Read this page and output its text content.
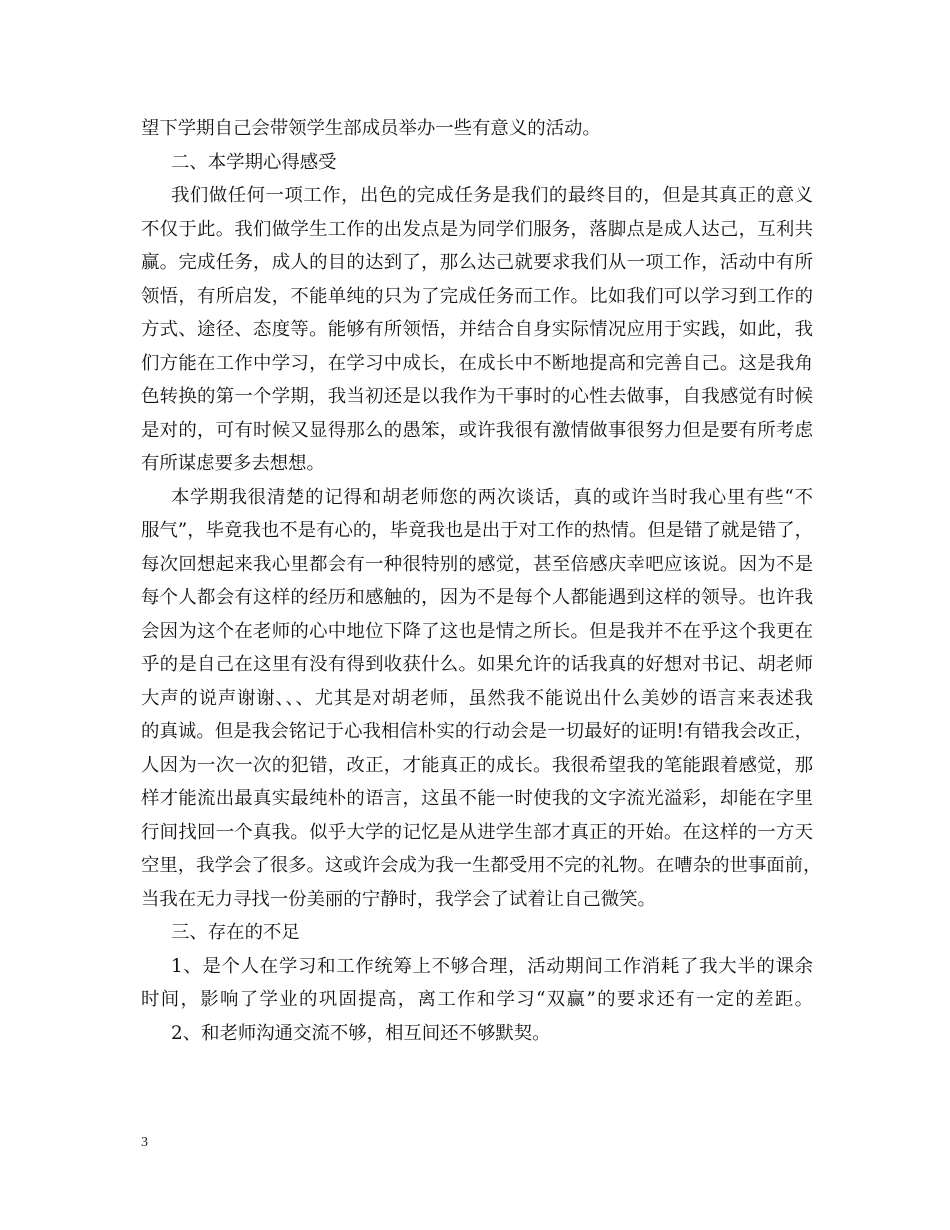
望下学期自己会带领学生部成员举办一些有意义的活动。
二、本学期心得感受
我们做任何一项工作，出色的完成任务是我们的最终目的，但是其真正的意义
不仅于此。我们做学生工作的出发点是为同学们服务，落脚点是成人达己，互利共
赢。完成任务，成人的目的达到了，那么达己就要求我们从一项工作，活动中有所
领悟，有所启发，不能单纯的只为了完成任务而工作。比如我们可以学习到工作的
方式、途径、态度等。能够有所领悟，并结合自身实际情况应用于实践，如此，我
们方能在工作中学习，在学习中成长，在成长中不断地提高和完善自己。这是我角
色转换的第一个学期，我当初还是以我作为干事时的心性去做事，自我感觉有时候
是对的，可有时候又显得那么的愚笨，或许我很有激情做事很努力但是要有所考虑
有所谋虑要多去想想。
本学期我很清楚的记得和胡老师您的两次谈话，真的或许当时我心里有些“不
服气”，毕竟我也不是有心的，毕竟我也是出于对工作的热情。但是错了就是错了，
每次回想起来我心里都会有一种很特别的感觉，甚至倍感庆幸吧应该说。因为不是
每个人都会有这样的经历和感触的，因为不是每个人都能遇到这样的领导。也许我
会因为这个在老师的心中地位下降了这也是情之所长。但是我并不在乎这个我更在
乎的是自己在这里有没有得到收获什么。如果允许的话我真的好想对书记、胡老师
大声的说声谢谢、、、尤其是对胡老师，虽然我不能说出什么美妙的语言来表述我
的真诚。但是我会铭记于心我相信朴实的行动会是一切最好的证明!有错我会改正，
人因为一次一次的犯错，改正，才能真正的成长。我很希望我的笔能跟着感觉，那
样才能流出最真实最纯朴的语言，这虽不能一时使我的文字流光溢彩，却能在字里
行间找回一个真我。似乎大学的记忆是从进学生部才真正的开始。在这样的一方天
空里，我学会了很多。这或许会成为我一生都受用不完的礼物。在嘈杂的世事面前，
当我在无力寻找一份美丽的宁静时，我学会了试着让自己微笑。
三、存在的不足
1、是个人在学习和工作统筹上不够合理，活动期间工作消耗了我大半的课余
时间，影响了学业的巩固提高，离工作和学习“双赢”的要求还有一定的差距。
2、和老师沟通交流不够，相互间还不够默契。
3
